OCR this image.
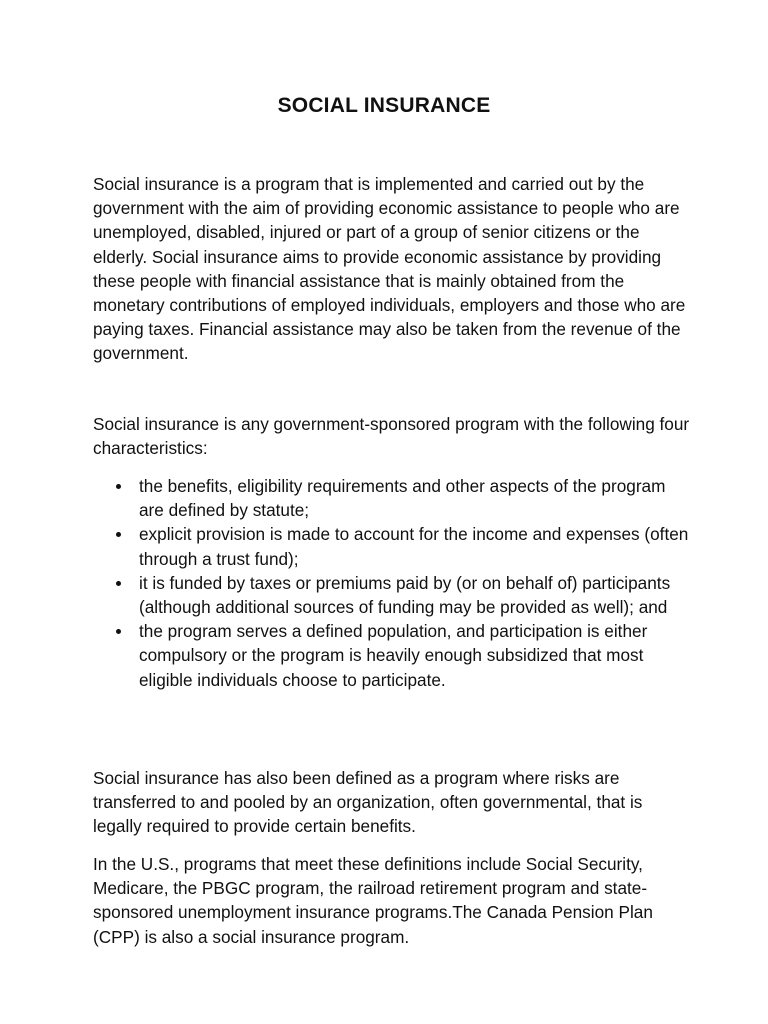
SOCIAL INSURANCE

Social insurance is a program that is implemented and carried out by the government with the aim of providing economic assistance to people who are unemployed, disabled, injured or part of a group of senior citizens or the elderly. Social insurance aims to provide economic assistance by providing these people with financial assistance that is mainly obtained from the monetary contributions of employed individuals, employers and those who are paying taxes. Financial assistance may also be taken from the revenue of the government.

Social insurance is any government-sponsored program with the following four characteristics:

the benefits, eligibility requirements and other aspects of the program are defined by statute;
explicit provision is made to account for the income and expenses (often through a trust fund);
it is funded by taxes or premiums paid by (or on behalf of) participants (although additional sources of funding may be provided as well); and
the program serves a defined population, and participation is either compulsory or the program is heavily enough subsidized that most eligible individuals choose to participate.

Social insurance has also been defined as a program where risks are transferred to and pooled by an organization, often governmental, that is legally required to provide certain benefits.

In the U.S., programs that meet these definitions include Social Security, Medicare, the PBGC program, the railroad retirement program and state-sponsored unemployment insurance programs.The Canada Pension Plan (CPP) is also a social insurance program.
